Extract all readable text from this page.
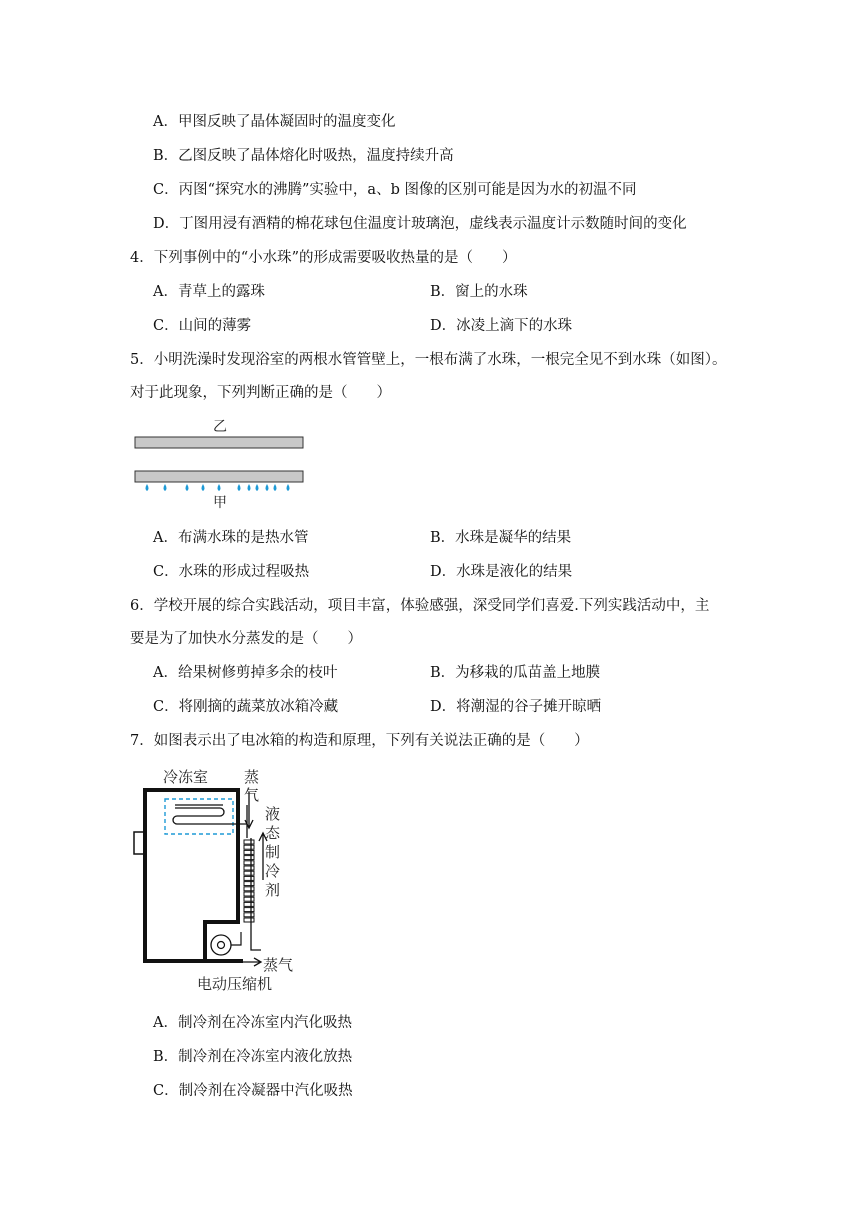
A．甲图反映了晶体凝固时的温度变化
B．乙图反映了晶体熔化时吸热，温度持续升高
C．丙图“探究水的沸腾”实验中，a、b 图像的区别可能是因为水的初温不同
D．丁图用浸有酒精的棉花球包住温度计玻璃泡，虚线表示温度计示数随时间的变化
4．下列事例中的“小水珠”的形成需要吸收热量的是（　　）
A．青草上的露珠	B．窗上的水珠
C．山间的薄雾	D．冰凌上滴下的水珠
5．小明洗澡时发现浴室的两根水管管壁上，一根布满了水珠，一根完全见不到水珠（如图）。
对于此现象，下列判断正确的是（　　）
乙
甲
A．布满水珠的是热水管	B．水珠是凝华的结果
C．水珠的形成过程吸热	D．水珠是液化的结果
6．学校开展的综合实践活动，项目丰富，体验感强，深受同学们喜爱.下列实践活动中，主
要是为了加快水分蒸发的是（　　）
A．给果树修剪掉多余的枝叶	B．为移栽的瓜苗盖上地膜
C．将刚摘的蔬菜放冰箱冷藏	D．将潮湿的谷子摊开晾晒
7．如图表示出了电冰箱的构造和原理，下列有关说法正确的是（　　）
冷冻室 蒸气
液态制冷剂
蒸气
电动压缩机
A．制冷剂在冷冻室内汽化吸热
B．制冷剂在冷冻室内液化放热
C．制冷剂在冷凝器中汽化吸热
